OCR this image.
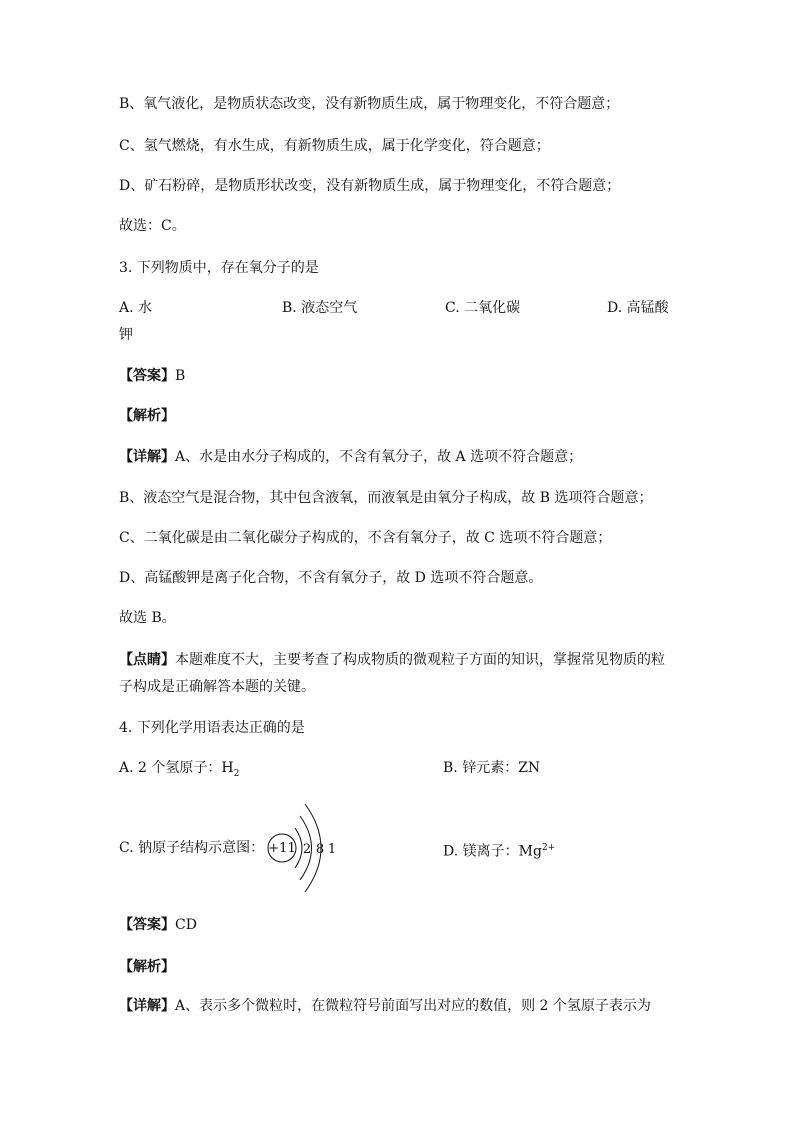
B、氧气液化，是物质状态改变，没有新物质生成，属于物理变化，不符合题意；
C、氢气燃烧，有水生成，有新物质生成，属于化学变化，符合题意；
D、矿石粉碎，是物质形状改变，没有新物质生成，属于物理变化，不符合题意；
故选：C。
3. 下列物质中，存在氧分子的是
A. 水	B. 液态空气	C. 二氧化碳	D. 高锰酸
钾
【答案】B
【解析】
【详解】A、水是由水分子构成的，不含有氧分子，故 A 选项不符合题意；
B、液态空气是混合物，其中包含液氧，而液氧是由氧分子构成，故 B 选项符合题意；
C、二氧化碳是由二氧化碳分子构成的，不含有氧分子，故 C 选项不符合题意；
D、高锰酸钾是离子化合物，不含有氧分子，故 D 选项不符合题意。
故选 B。
【点睛】本题难度不大，主要考查了构成物质的微观粒子方面的知识，掌握常见物质的粒
子构成是正确解答本题的关键。
4. 下列化学用语表达正确的是
A. 2 个氢原子：$H_2$	B. 锌元素：ZN
C. 钠原子结构示意图： +11 2 8 1	D. 镁离子：$Mg^{2+}$
【答案】CD
【解析】
【详解】A、表示多个微粒时，在微粒符号前面写出对应的数值，则 2 个氢原子表示为
